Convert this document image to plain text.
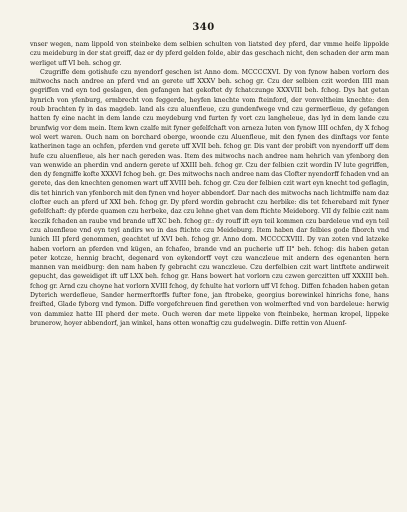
340

vnser wegen, nam lippold von steinbeke dem selbien schulten von liatsted dey pferd, dar vmme heife lippolde czu meideburg in der stat greiff, daz er dy pferd gelden folde, abir das geschach nicht, den schaden der arm man werliget uff VI beh. schog gr.

Czugriffe dem gotishufe czu nyendorf geschen ist Anno dom. MCCCCXVI. Dy von fynow haben vorlorn des mitwochs nach andree an pferd vnd an gerete uff XXXV beh. schog gr. Czu der selbien czit worden IIII man gegriffen vnd eyn tod geslagen, den gefangen hat gekoftet dy fchatczunge XXXVIII beh. fchog. Dys hat getan hynrich von yfenburg, ermbrecht von feggerde, heyfen knechte vom fteinford, der vonveltheim knechte: den roub brachten fy in das magdeb. land als czu aluenfleue, czu gundenfwege vnd czu germerfleue, dy gefangen hatten fy eine nacht in dem lande czu meydeburg vnd furten fy vort czu langheleue, das lyd in dem lande czu brunfwig vor dem mein. Item kwn czalfe mit fyner gefelfchaft von arneza luten von fynow IIII ochfen, dy X fchog wol wert waren. Ouch nam on borchard oberge, woonde czu Aluenfleue, mit den fynen des dinftags vor fente katherinen tage an ochfen, pferden vnd gerete uff XVII beh. fchog gr. Dis vant der probift von nyendorff uff dem hufe czu aluenfleue, als her nach gereden was. Item des mitwochs nach andree nam hehrich van yfenborg den van wenwide an pherdin vnd andern gerete uf XXIII beh. fchog gr. Czu der felbien czit wordin IV lute gegriffen, den dy fengniffe kofte XXXVI fchog beh. gr. Des mitwochs nach andree nam das Clofter nyendorff fchaden vnd an gerete, das den knechten genomen wart uff XVIII beh. fchog gr. Czu der felbien czit wart eyn knecht tod geflagin, dis tet hinrich van yfenborch mit den fynen vnd hoyer abbendorf. Dar nach des mitwochs nach lichtmiffe nam daz clofter euch an pferd uf XXI beh. fchog gr. Dy pferd wordin gebracht czu herbike: dis tet fcherebard mit fyner gefelfchaft: dy pferde quamen czu herbeke, daz czu lehne ghet van dem ftichte Meideborg. VII dy felbie czit nam keczik fchaden an raube vnd brande uff XC beh. fchog gr.: dy rouff ift eyn teil kommen czu bardeleue vnd eyn teil czu aluenfleue vnd eyn teyl andirs wo in das ftichte czu Meideburg. Item haben dar felbies gode fiborch vnd lunich III pferd genommen, geachtet uf XVI beh. fchog gr. Anno dom. MCCCCXVIII. Dy van zoten vnd latzeke haben vorlorn an pferden vnd kügen, an fchafeo, brande vnd an pucherie uff II° beh. fchog: dis haben getan peter kotcze, hennig bracht, degenard von eykendorff veyt czu wanczleue mit andern des egenanten hern mannen van meidburg: den nam haben fy gebracht czu wanczleue. Czu derfelbien czit wart lintftete andirweit gepucht, das geweidiget ift uff LXX beh. fchog gr. Hans bowert hat vorlorn czu czwen gerczitten uff XXXIII beh. fchog gr. Arnd czu choyne hat vorlorn XVIII fchog, dy fchulte hat vorlorn uff VI fchog. Diffen fchaden haben getan Dyterich werdefleue, Sander hermerftorffs fufter fone, jan ftrobeke, georgius borewinkel hinrichs fone, hans freifted, Glade fyborg vnd fymon. Diffe vorgefchreuen find gerethen von wolmerfted vnd von bardeleue: herwig von dammiez hatte III pherd der mete. Ouch weren dar mete lippeke von fteinbeke, herman kropel, lippeke brunerow, hoyer abbendorf, jan winkel, hans otten wonaftig czu gudelwegin. Diffe rettin von Aluenf-
